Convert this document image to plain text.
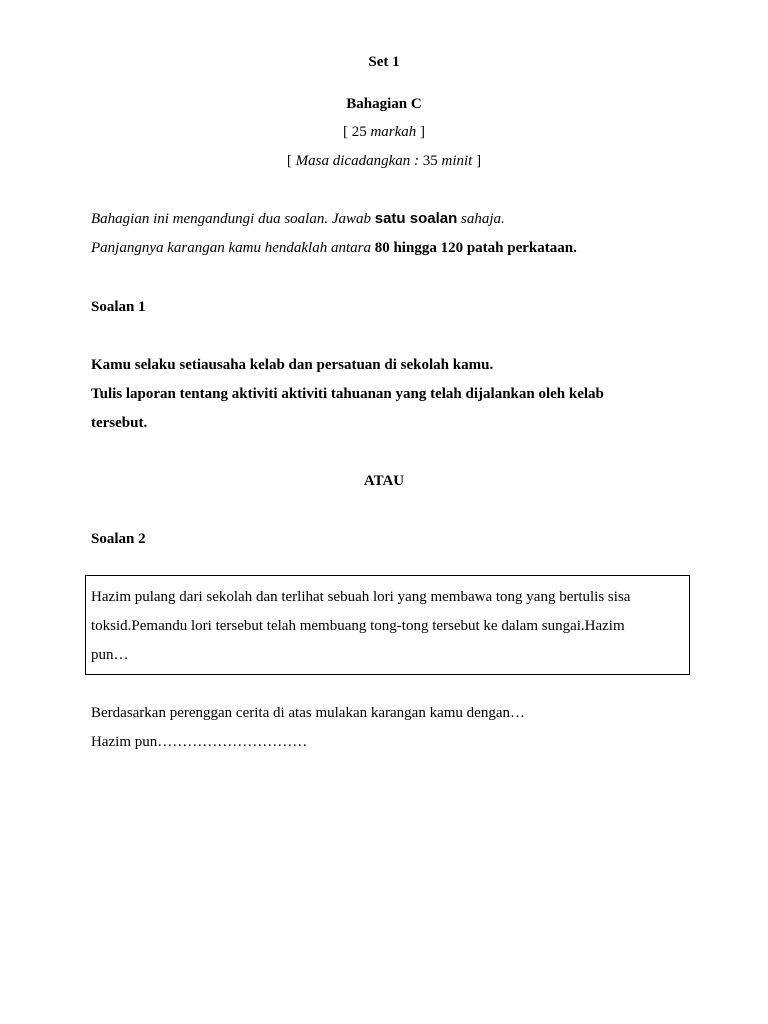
Set 1
Bahagian C
[ 25 markah ]
[ Masa dicadangkan : 35 minit ]
Bahagian ini mengandungi dua soalan. Jawab satu soalan sahaja.
Panjangnya karangan kamu hendaklah antara 80 hingga 120 patah perkataan.
Soalan 1
Kamu selaku setiausaha kelab dan persatuan di sekolah kamu.
Tulis laporan tentang aktiviti aktiviti tahuanan yang telah dijalankan oleh kelab
tersebut.
ATAU
Soalan 2
Hazim pulang dari sekolah dan terlihat sebuah lori yang membawa tong yang bertulis sisa
toksid.Pemandu lori tersebut telah membuang tong-tong tersebut ke dalam sungai.Hazim
pun…
Berdasarkan perenggan cerita di atas mulakan karangan kamu dengan…
Hazim pun…………………………
